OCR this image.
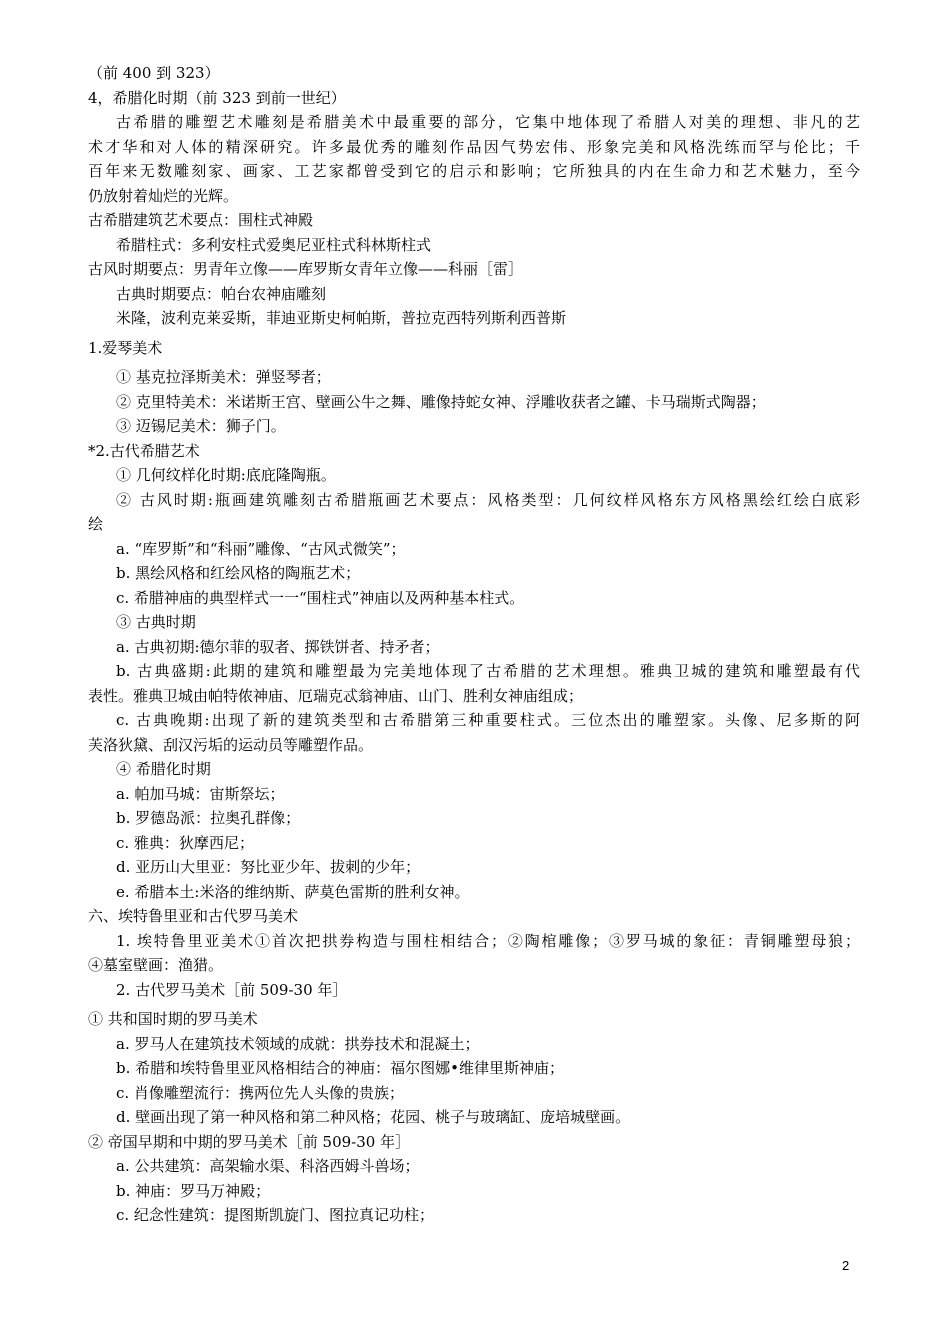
（前 400 到 323）
4，希腊化时期（前 323 到前一世纪）
古希腊的雕塑艺术雕刻是希腊美术中最重要的部分，它集中地体现了希腊人对美的理想、非凡的艺
术才华和对人体的精深研究。许多最优秀的雕刻作品因气势宏伟、形象完美和风格洗练而罕与伦比；千
百年来无数雕刻家、画家、工艺家都曾受到它的启示和影响；它所独具的内在生命力和艺术魅力，至今
仍放射着灿烂的光辉。
古希腊建筑艺术要点：围柱式神殿
希腊柱式：多利安柱式爱奥尼亚柱式科林斯柱式
古风时期要点：男青年立像——库罗斯女青年立像——科丽［雷］
古典时期要点：帕台农神庙雕刻
米隆，波利克莱妥斯，菲迪亚斯史柯帕斯，普拉克西特列斯利西普斯
1.爱琴美术
① 基克拉泽斯美术：弹竖琴者；
② 克里特美术：米诺斯王宫、壁画公牛之舞、雕像持蛇女神、浮雕收获者之罐、卡马瑞斯式陶器；
③ 迈锡尼美术：狮子门。
*2.古代希腊艺术
① 几何纹样化时期:底庇隆陶瓶。
② 古风时期:瓶画建筑雕刻古希腊瓶画艺术要点：风格类型：几何纹样风格东方风格黑绘红绘白底彩
绘
a. “库罗斯”和“科丽”雕像、“古风式微笑”；
b. 黑绘风格和红绘风格的陶瓶艺术；
c. 希腊神庙的典型样式一一“围柱式”神庙以及两种基本柱式。
③ 古典时期
a. 古典初期:德尔菲的驭者、掷铁饼者、持矛者；
b. 古典盛期:此期的建筑和雕塑最为完美地体现了古希腊的艺术理想。雅典卫城的建筑和雕塑最有代
表性。雅典卫城由帕特侬神庙、厄瑞克忒翁神庙、山门、胜利女神庙组成；
c. 古典晚期:出现了新的建筑类型和古希腊第三种重要柱式。三位杰出的雕塑家。头像、尼多斯的阿
芙洛狄黛、刮汉污垢的运动员等雕塑作品。
④ 希腊化时期
a. 帕加马城：宙斯祭坛；
b. 罗德岛派：拉奥孔群像；
c. 雅典：狄摩西尼；
d. 亚历山大里亚：努比亚少年、拔刺的少年；
e. 希腊本土:米洛的维纳斯、萨莫色雷斯的胜利女神。
六、埃特鲁里亚和古代罗马美术
1. 埃特鲁里亚美术①首次把拱券构造与围柱相结合；②陶棺雕像；③罗马城的象征：青铜雕塑母狼；
④墓室壁画：渔猎。
2. 古代罗马美术［前 509-30 年］
① 共和国时期的罗马美术
a. 罗马人在建筑技术领域的成就：拱券技术和混凝土；
b. 希腊和埃特鲁里亚风格相结合的神庙：福尔图娜•维律里斯神庙；
c. 肖像雕塑流行：携两位先人头像的贵族；
d. 壁画出现了第一种风格和第二种风格；花园、桃子与玻璃缸、庞培城壁画。
② 帝国早期和中期的罗马美术［前 509-30 年］
a. 公共建筑：高架输水渠、科洛西姆斗兽场；
b. 神庙：罗马万神殿；
c. 纪念性建筑：提图斯凯旋门、图拉真记功柱；
2
